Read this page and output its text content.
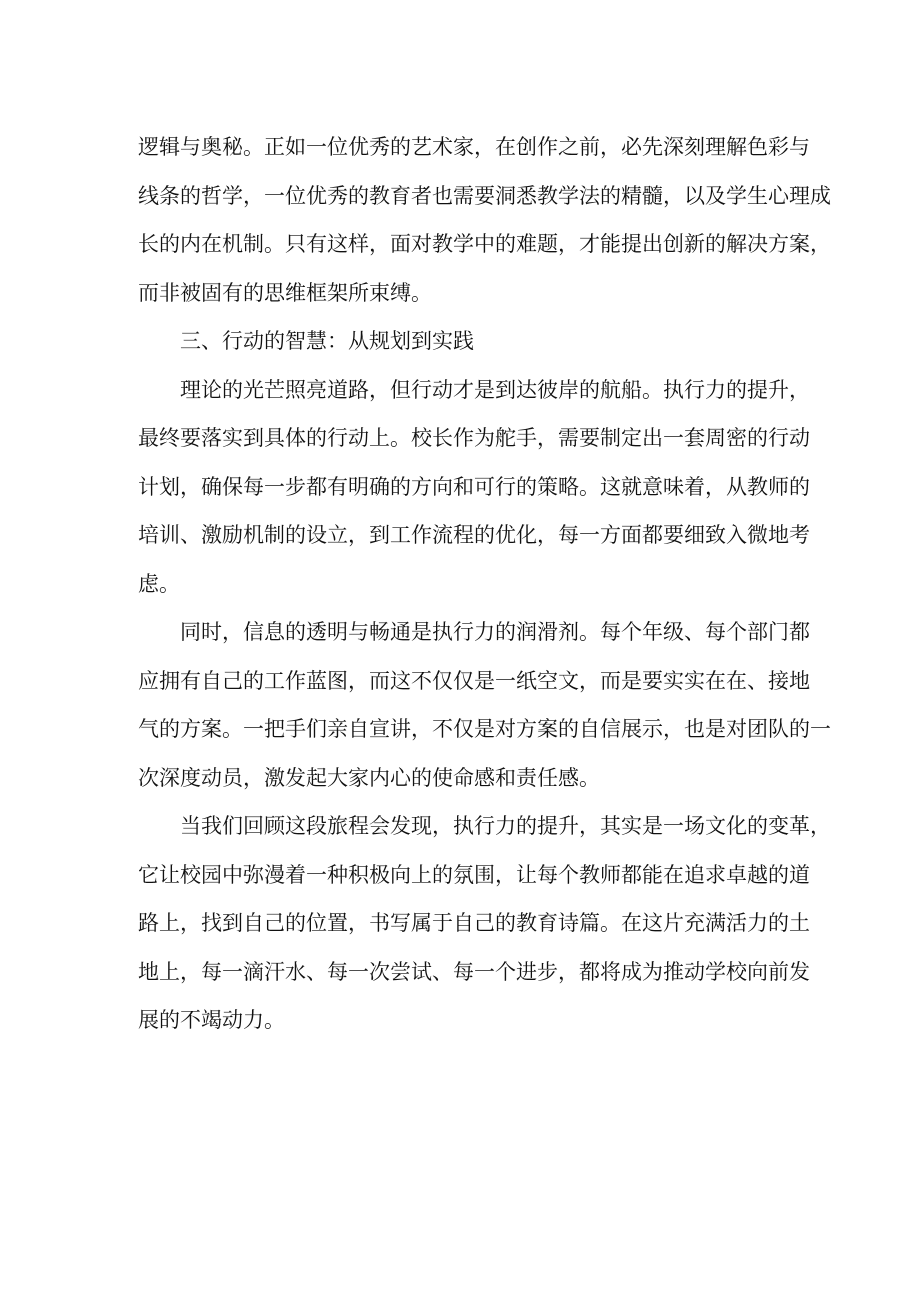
逻辑与奥秘。正如一位优秀的艺术家，在创作之前，必先深刻理解色彩与
线条的哲学，一位优秀的教育者也需要洞悉教学法的精髓，以及学生心理成
长的内在机制。只有这样，面对教学中的难题，才能提出创新的解决方案，
而非被固有的思维框架所束缚。

三、行动的智慧：从规划到实践

理论的光芒照亮道路，但行动才是到达彼岸的航船。执行力的提升，
最终要落实到具体的行动上。校长作为舵手，需要制定出一套周密的行动
计划，确保每一步都有明确的方向和可行的策略。这就意味着，从教师的
培训、激励机制的设立，到工作流程的优化，每一方面都要细致入微地考
虑。

同时，信息的透明与畅通是执行力的润滑剂。每个年级、每个部门都
应拥有自己的工作蓝图，而这不仅仅是一纸空文，而是要实实在在、接地
气的方案。一把手们亲自宣讲，不仅是对方案的自信展示，也是对团队的一
次深度动员，激发起大家内心的使命感和责任感。

当我们回顾这段旅程会发现，执行力的提升，其实是一场文化的变革，
它让校园中弥漫着一种积极向上的氛围，让每个教师都能在追求卓越的道
路上，找到自己的位置，书写属于自己的教育诗篇。在这片充满活力的土
地上，每一滴汗水、每一次尝试、每一个进步，都将成为推动学校向前发
展的不竭动力。
